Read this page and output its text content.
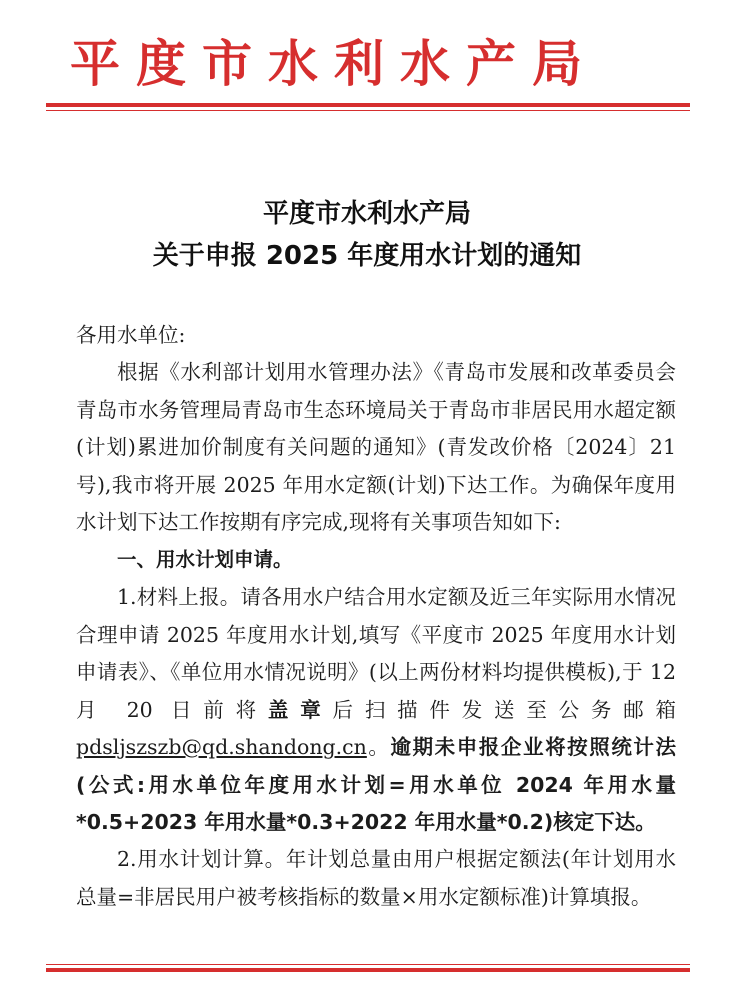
平度市水利水产局
平度市水利水产局
关于申报 2025 年度用水计划的通知
各用水单位:
根据《水利部计划用水管理办法》《青岛市发展和改革委员会青岛市水务管理局青岛市生态环境局关于青岛市非居民用水超定额(计划)累进加价制度有关问题的通知》(青发改价格〔2024〕21 号),我市将开展 2025 年用水定额(计划)下达工作。为确保年度用水计划下达工作按期有序完成,现将有关事项告知如下:
一、用水计划申请。
1.材料上报。请各用水户结合用水定额及近三年实际用水情况合理申请 2025 年度用水计划,填写《平度市 2025 年度用水计划申请表》、《单位用水情况说明》(以上两份材料均提供模板),于 12 月 20 日前将盖章后扫描件发送至公务邮箱 pdsljszszb@qd.shandong.cn。逾期未申报企业将按照统计法(公式:用水单位年度用水计划=用水单位 2024 年用水量*0.5+2023 年用水量*0.3+2022 年用水量*0.2)核定下达。
2.用水计划计算。年计划总量由用户根据定额法(年计划用水总量=非居民用户被考核指标的数量×用水定额标准)计算填报。
